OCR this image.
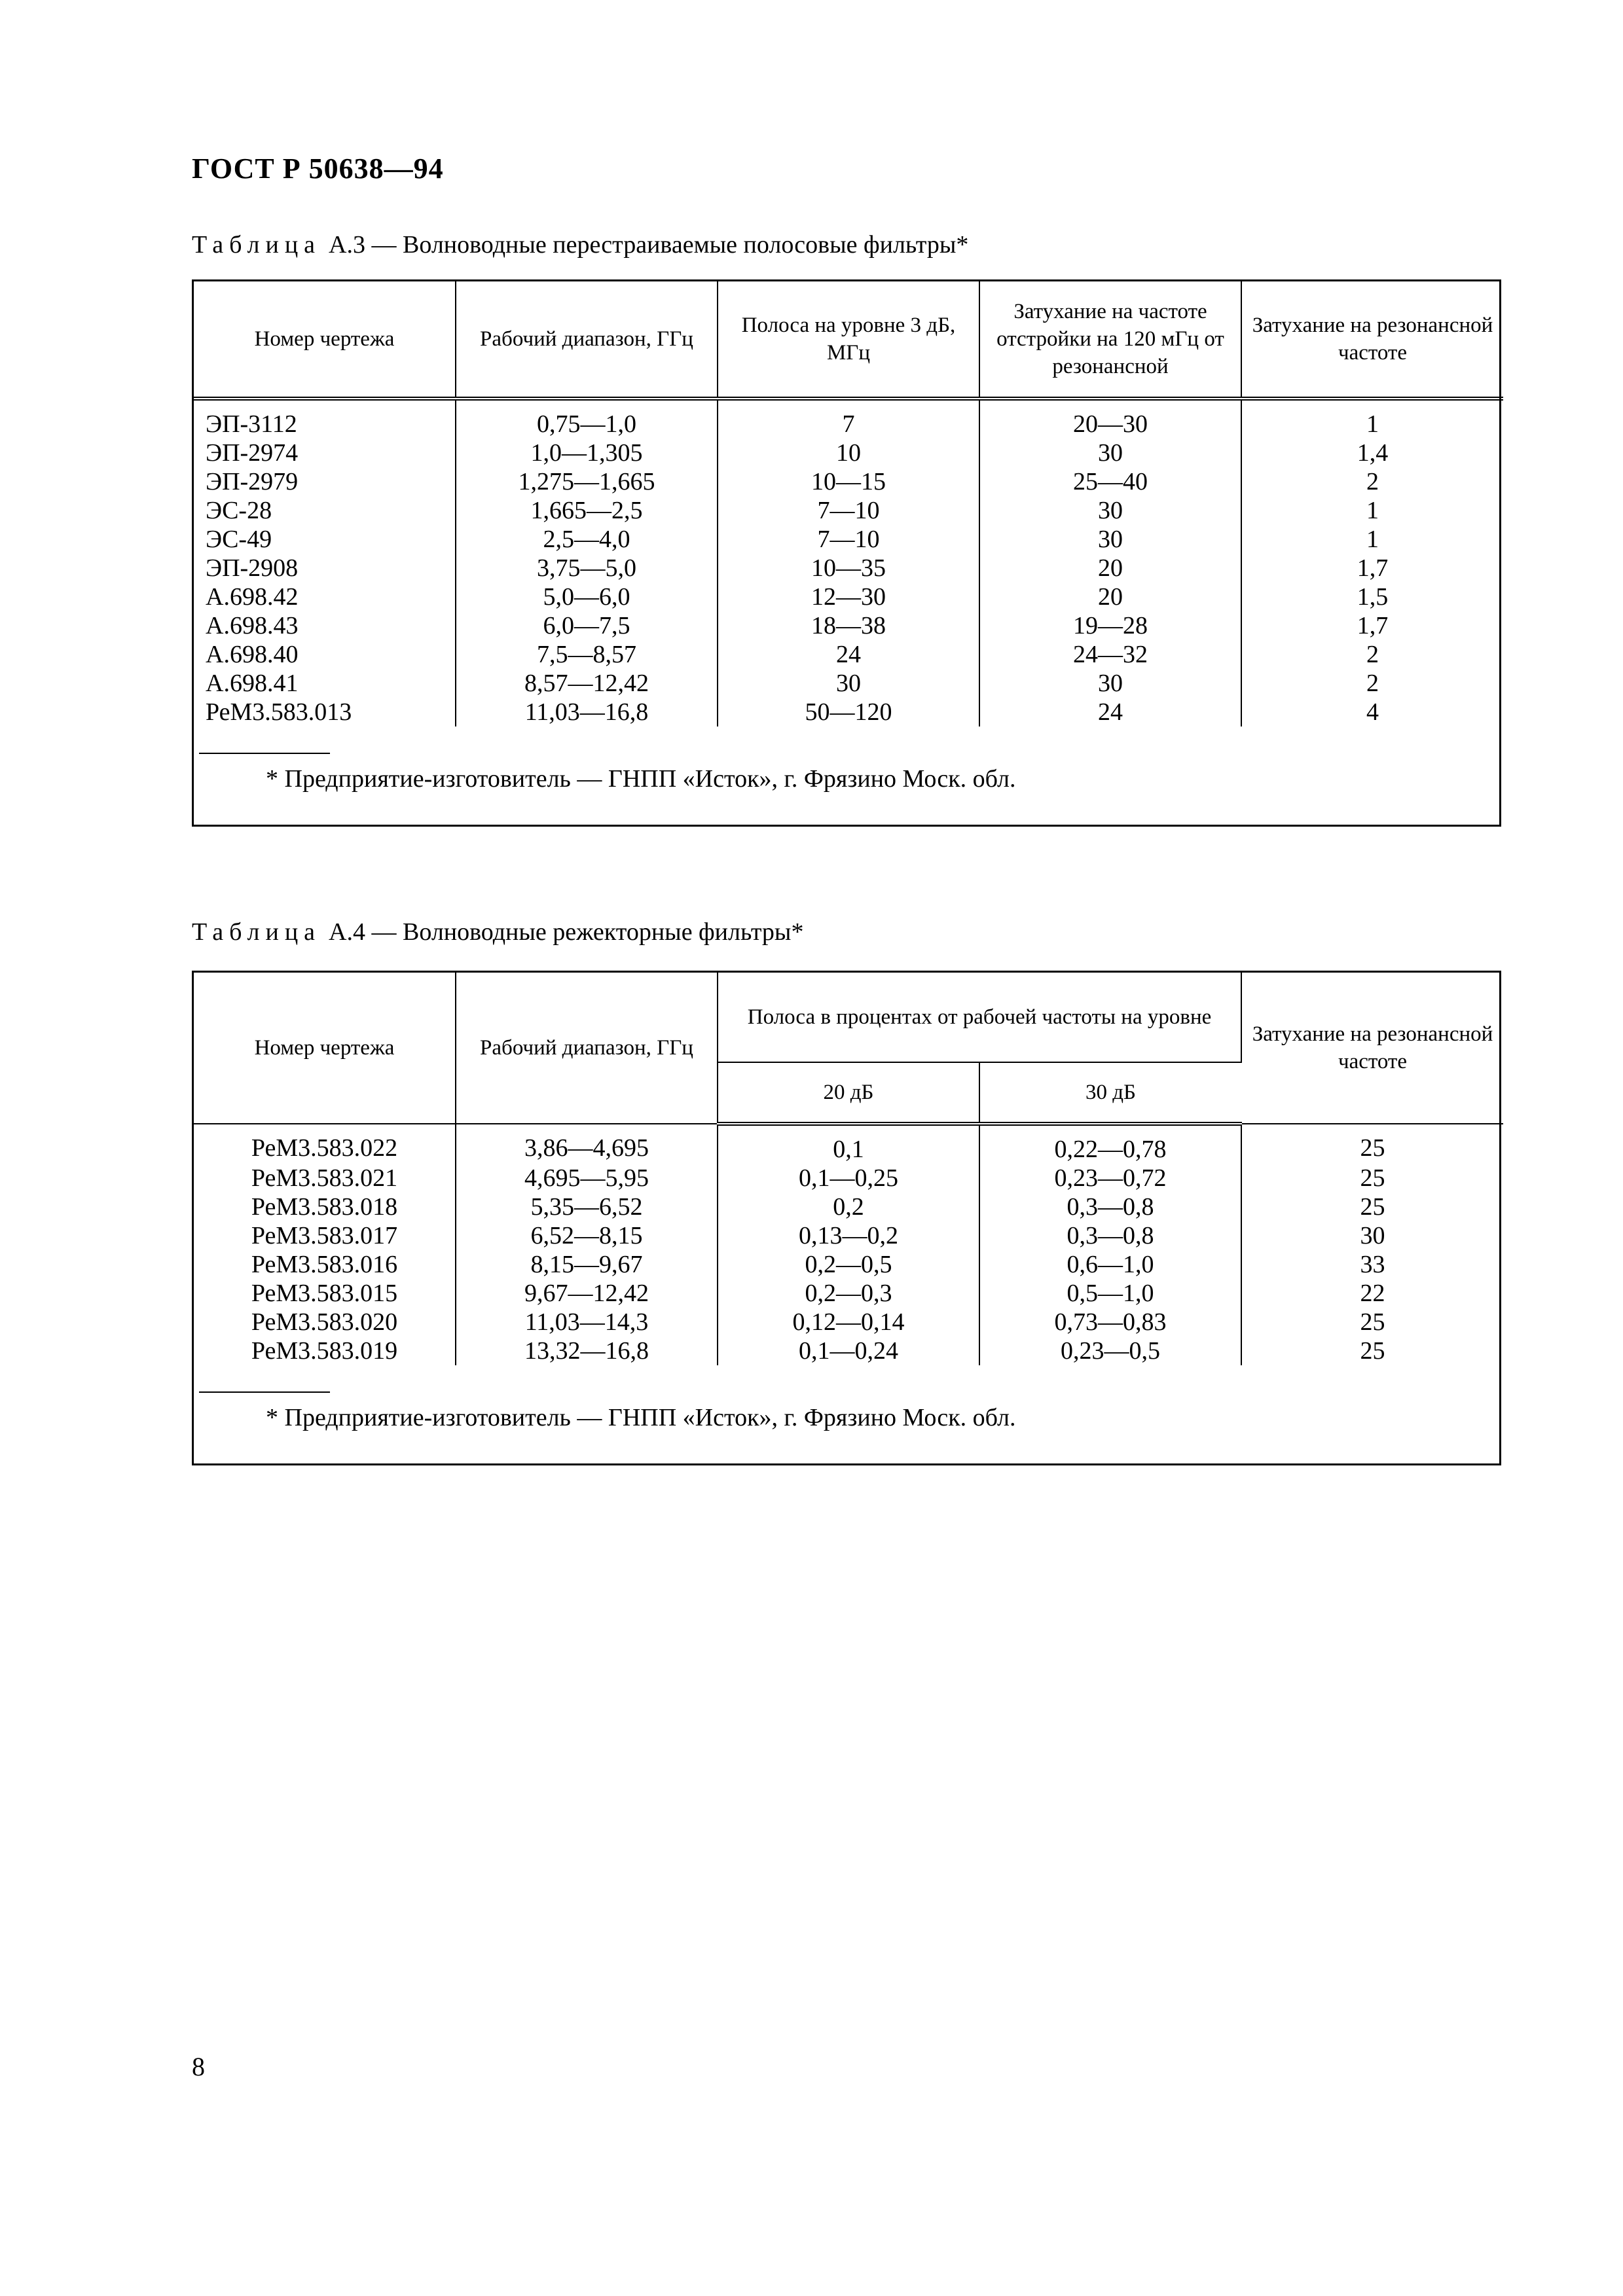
ГОСТ Р 50638—94
Таблица А.3 — Волноводные перестраиваемые полосовые фильтры*
Номер чертежа	Рабочий диапазон, ГГц	Полоса на уровне 3 дБ, МГц	Затухание на частоте отстройки на 120 мГц от резонансной	Затухание на резонансной частоте
ЭП-3112	0,75—1,0	7	20—30	1
ЭП-2974	1,0—1,305	10	30	1,4
ЭП-2979	1,275—1,665	10—15	25—40	2
ЭС-28	1,665—2,5	7—10	30	1
ЭС-49	2,5—4,0	7—10	30	1
ЭП-2908	3,75—5,0	10—35	20	1,7
А.698.42	5,0—6,0	12—30	20	1,5
А.698.43	6,0—7,5	18—38	19—28	1,7
А.698.40	7,5—8,57	24	24—32	2
А.698.41	8,57—12,42	30	30	2
РеМ3.583.013	11,03—16,8	50—120	24	4
* Предприятие-изготовитель — ГНПП «Исток», г. Фрязино Моск. обл.
Таблица А.4 — Волноводные режекторные фильтры*
Номер чертежа	Рабочий диапазон, ГГц	Полоса в процентах от рабочей частоты на уровне		Затухание на резонансной частоте
		20 дБ	30 дБ	
РеМ3.583.022	3,86—4,695	0,1	0,22—0,78	25
РеМ3.583.021	4,695—5,95	0,1—0,25	0,23—0,72	25
РеМ3.583.018	5,35—6,52	0,2	0,3—0,8	25
РеМ3.583.017	6,52—8,15	0,13—0,2	0,3—0,8	30
РеМ3.583.016	8,15—9,67	0,2—0,5	0,6—1,0	33
РеМ3.583.015	9,67—12,42	0,2—0,3	0,5—1,0	22
РеМ3.583.020	11,03—14,3	0,12—0,14	0,73—0,83	25
РеМ3.583.019	13,32—16,8	0,1—0,24	0,23—0,5	25
* Предприятие-изготовитель — ГНПП «Исток», г. Фрязино Моск. обл.
8
